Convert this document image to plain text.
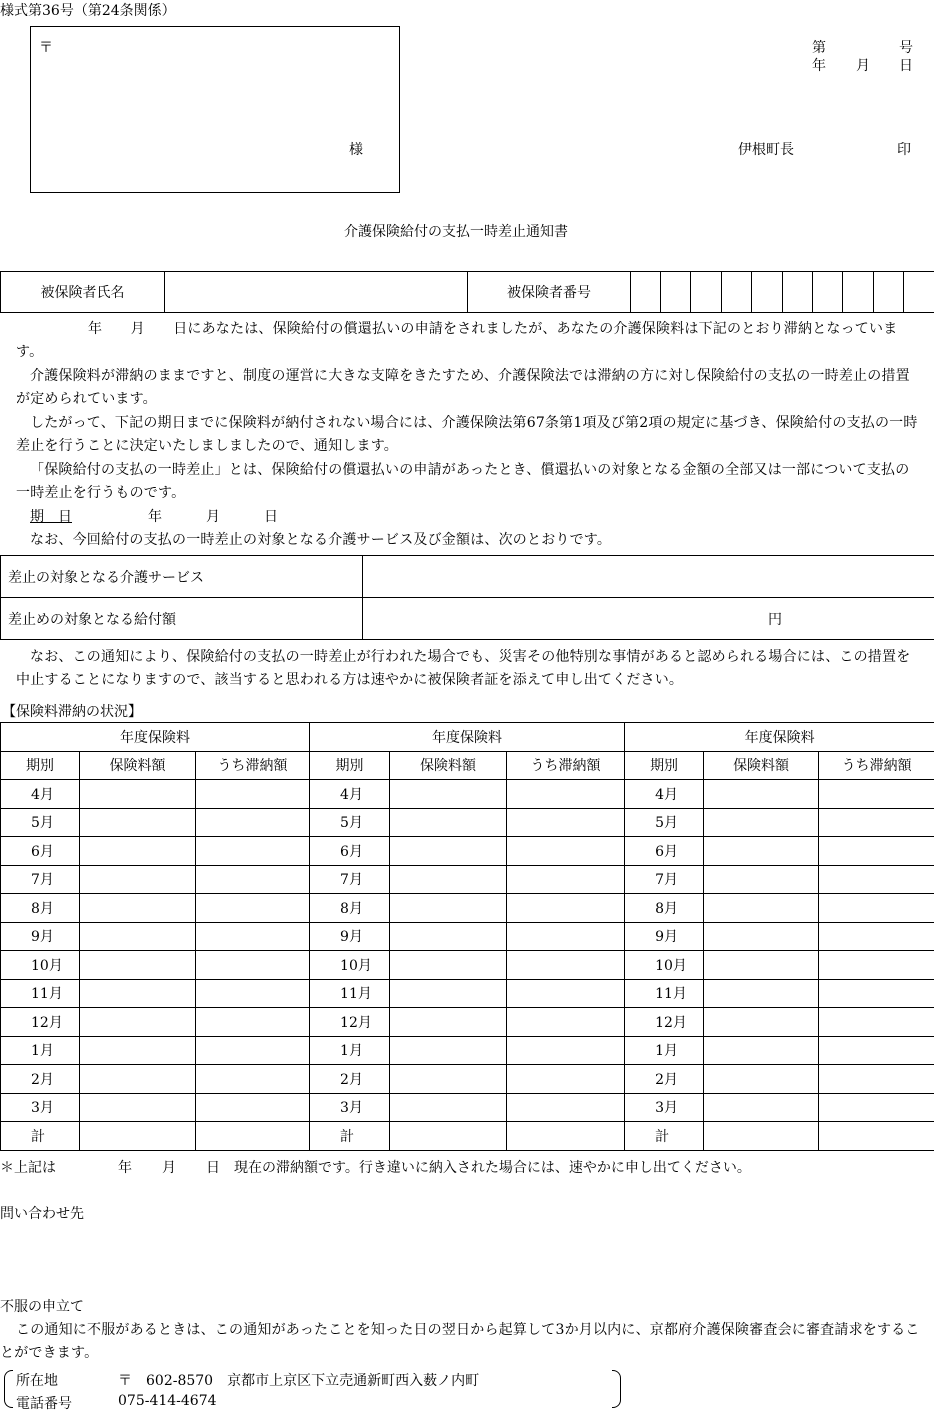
様式第36号（第24条関係）
〒
様
第	号
年 月 日
伊根町長	印
介護保険給付の支払一時差止通知書
被保険者氏名		被保険者番号										
年　　月　　日にあなたは、保険給付の償還払いの申請をされましたが、あなたの介護保険料は下記のとおり滞納となっています。
介護保険料が滞納のままですと、制度の運営に大きな支障をきたすため、介護保険法では滞納の方に対し保険給付の支払の一時差止の措置が定められています。
したがって、下記の期日までに保険料が納付されない場合には、介護保険法第67条第1項及び第2項の規定に基づき、保険給付の支払の一時差止を行うことに決定いたしましましたので、通知します。
「保険給付の支払の一時差止」とは、保険給付の償還払いの申請があったとき、償還払いの対象となる金額の全部又は一部について支払の一時差止を行うものです。
期　日	年	月	日
なお、今回給付の支払の一時差止の対象となる介護サービス及び金額は、次のとおりです。
差止の対象となる介護サービス	
差止めの対象となる給付額	円
なお、この通知により、保険給付の支払の一時差止が行われた場合でも、災害その他特別な事情があると認められる場合には、この措置を中止することになりますので、該当すると思われる方は速やかに被保険者証を添えて申し出てください。
【保険料滞納の状況】
年度保険料			年度保険料			年度保険料		
期別	保険料額	うち滞納額	期別	保険料額	うち滞納額	期別	保険料額	うち滞納額
4月			4月			4月		
5月			5月			5月		
6月			6月			6月		
7月			7月			7月		
8月			8月			8月		
9月			9月			9月		
10月			10月			10月		
11月			11月			11月		
12月			12月			12月		
1月			1月			1月		
2月			2月			2月		
3月			3月			3月		
計			計			計		
＊上記は	年 月 日 現在の滞納額です。行き違いに納入された場合には、速やかに申し出てください。
問い合わせ先
不服の申立て
この通知に不服があるときは、この通知があったことを知った日の翌日から起算して3か月以内に、京都府介護保険審査会に審査請求をすることができます。
所在地	〒　602‐8570　京都市上京区下立売通新町西入薮ノ内町
電話番号	075‐414‐4674
